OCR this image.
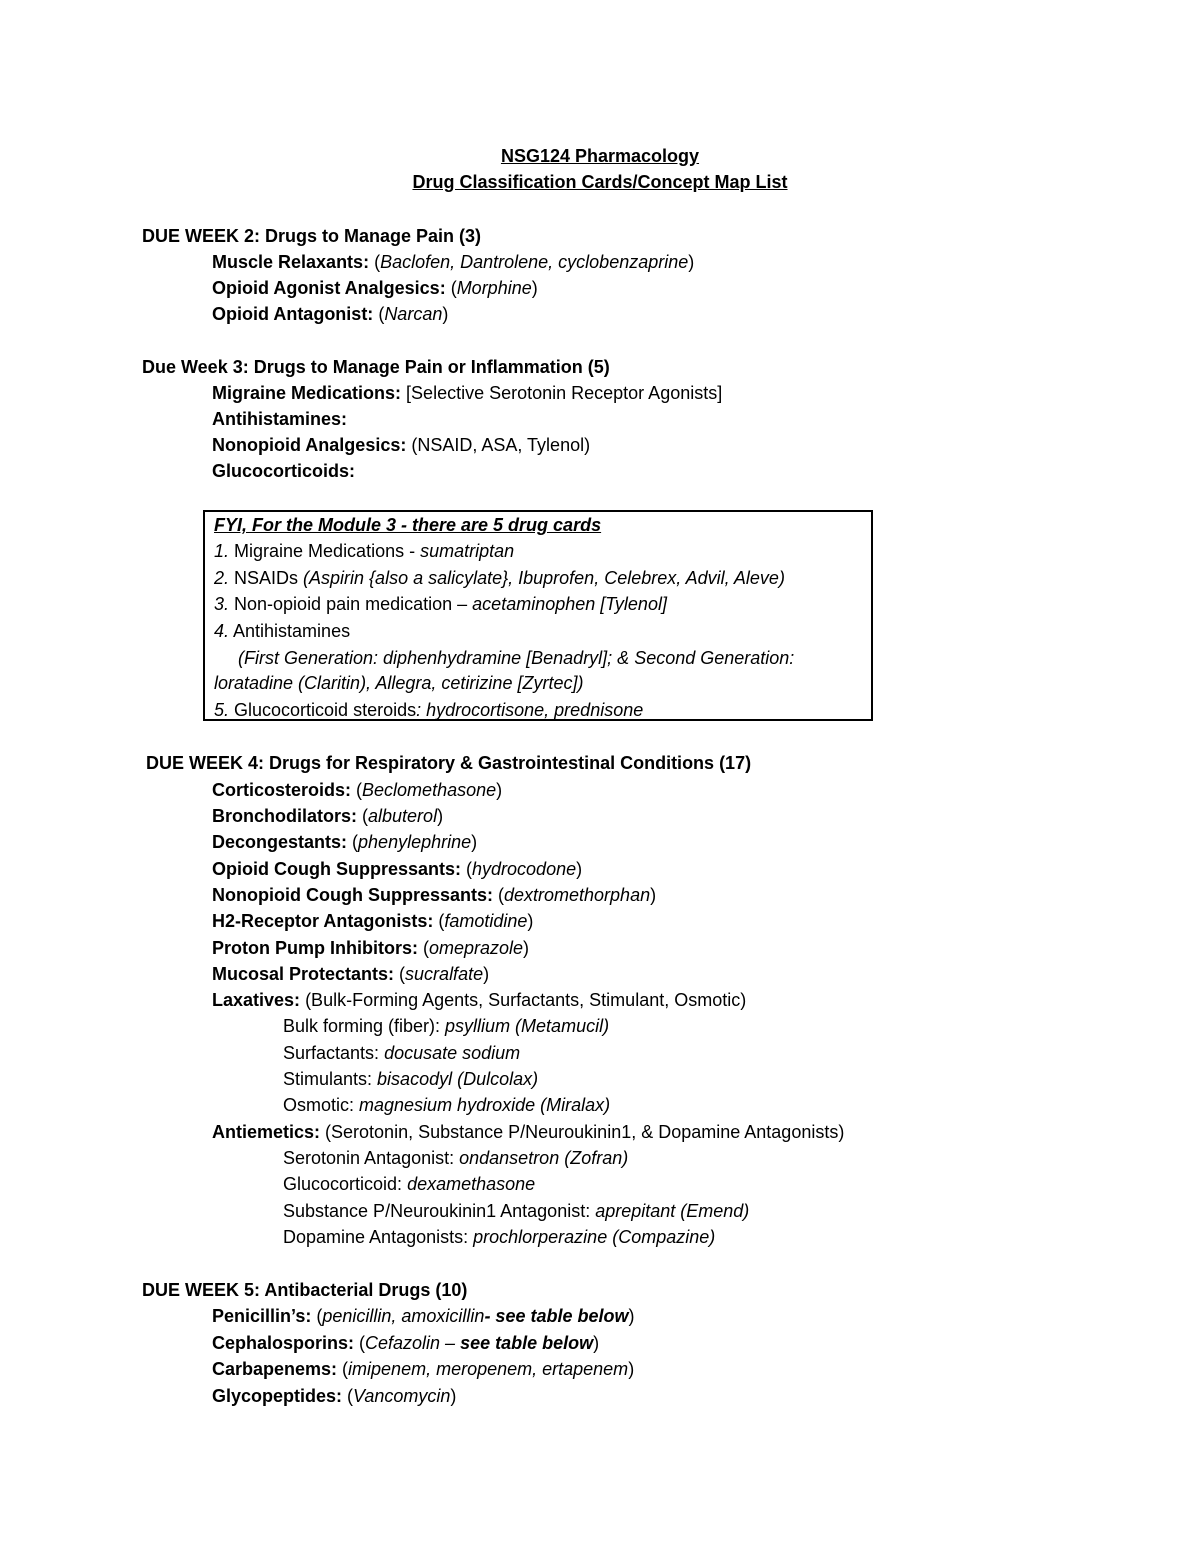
NSG124 Pharmacology
Drug Classification Cards/Concept Map List
DUE WEEK 2: Drugs to Manage Pain (3)
Muscle Relaxants: (Baclofen, Dantrolene, cyclobenzaprine)
Opioid Agonist Analgesics: (Morphine)
Opioid Antagonist: (Narcan)
Due Week 3: Drugs to Manage Pain or Inflammation (5)
Migraine Medications: [Selective Serotonin Receptor Agonists]
Antihistamines:
Nonopioid Analgesics: (NSAID, ASA, Tylenol)
Glucocorticoids:
FYI, For the Module 3 - there are 5 drug cards
1. Migraine Medications - sumatriptan
2. NSAIDs (Aspirin {also a salicylate}, Ibuprofen, Celebrex, Advil, Aleve)
3. Non-opioid pain medication – acetaminophen [Tylenol]
4. Antihistamines
(First Generation: diphenhydramine [Benadryl]; & Second Generation:
loratadine (Claritin), Allegra, cetirizine [Zyrtec])
5. Glucocorticoid steroids: hydrocortisone, prednisone
DUE WEEK 4: Drugs for Respiratory & Gastrointestinal Conditions (17)
Corticosteroids: (Beclomethasone)
Bronchodilators: (albuterol)
Decongestants: (phenylephrine)
Opioid Cough Suppressants: (hydrocodone)
Nonopioid Cough Suppressants: (dextromethorphan)
H2-Receptor Antagonists: (famotidine)
Proton Pump Inhibitors: (omeprazole)
Mucosal Protectants: (sucralfate)
Laxatives: (Bulk-Forming Agents, Surfactants, Stimulant, Osmotic)
Bulk forming (fiber): psyllium (Metamucil)
Surfactants: docusate sodium
Stimulants: bisacodyl (Dulcolax)
Osmotic: magnesium hydroxide (Miralax)
Antiemetics: (Serotonin, Substance P/Neuroukinin1, & Dopamine Antagonists)
Serotonin Antagonist: ondansetron (Zofran)
Glucocorticoid: dexamethasone
Substance P/Neuroukinin1 Antagonist: aprepitant (Emend)
Dopamine Antagonists: prochlorperazine (Compazine)
DUE WEEK 5: Antibacterial Drugs (10)
Penicillin’s: (penicillin, amoxicillin- see table below)
Cephalosporins: (Cefazolin – see table below)
Carbapenems: (imipenem, meropenem, ertapenem)
Glycopeptides: (Vancomycin)
